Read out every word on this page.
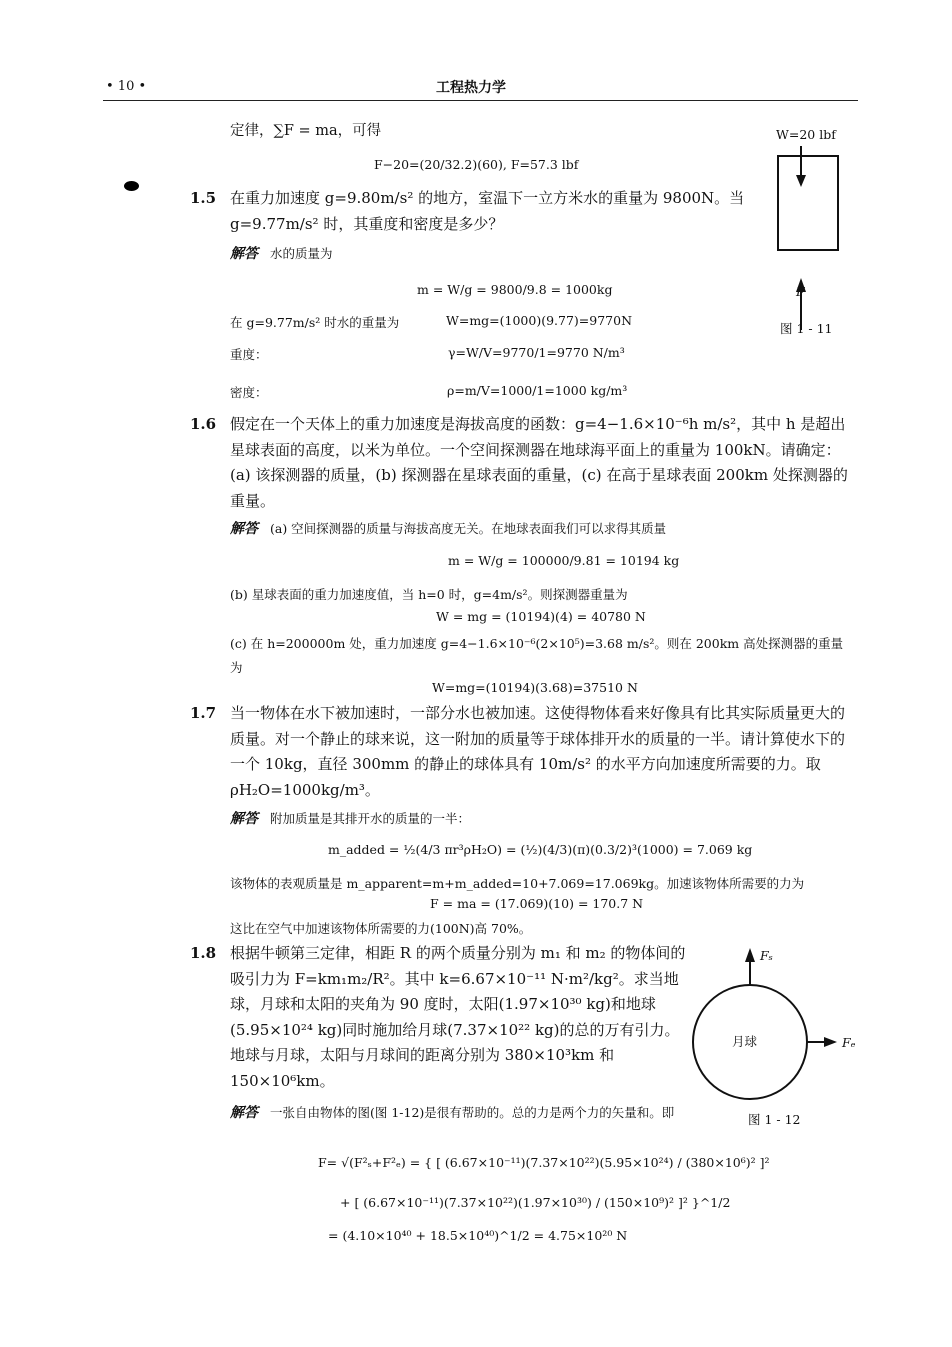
• 10 •	工程热力学
定律，∑F = ma，可得
F−20=(20/32.2)(60), F=57.3 lbf
W=20 lbf
F
图 1 - 11
1.5 在重力加速度 g=9.80m/s² 的地方，室温下一立方米水的重量为 9800N。当 g=9.77m/s² 时，其重度和密度是多少？
解答 水的质量为
m = W/g = 9800/9.8 = 1000kg
在 g=9.77m/s² 时水的重量为	W=mg=(1000)(9.77)=9770N
重度：	γ=W/V=9770/1=9770 N/m³
密度：	ρ=m/V=1000/1=1000 kg/m³
1.6 假定在一个天体上的重力加速度是海拔高度的函数：g=4−1.6×10⁻⁶h m/s²，其中 h 是超出星球表面的高度，以米为单位。一个空间探测器在地球海平面上的重量为 100kN。请确定：(a) 该探测器的质量，(b) 探测器在星球表面的重量，(c) 在高于星球表面 200km 处探测器的重量。
解答 (a) 空间探测器的质量与海拔高度无关。在地球表面我们可以求得其质量
m = W/g = 100000/9.81 = 10194 kg
(b) 星球表面的重力加速度值，当 h=0 时，g=4m/s²。则探测器重量为
W = mg = (10194)(4) = 40780 N
(c) 在 h=200000m 处，重力加速度 g=4−1.6×10⁻⁶(2×10⁵)=3.68 m/s²。则在 200km 高处探测器的重量为
W=mg=(10194)(3.68)=37510 N
1.7 当一物体在水下被加速时，一部分水也被加速。这使得物体看来好像具有比其实际质量更大的质量。对一个静止的球来说，这一附加的质量等于球体排开水的质量的一半。请计算使水下的一个 10kg，直径 300mm 的静止的球体具有 10m/s² 的水平方向加速度所需要的力。取 ρH₂O=1000kg/m³。
解答 附加质量是其排开水的质量的一半：
m_added = ½(4/3 πr³ρH₂O) = (½)(4/3)(π)(0.3/2)³(1000) = 7.069 kg
该物体的表观质量是 m_apparent=m+m_added=10+7.069=17.069kg。加速该物体所需要的力为
F = ma = (17.069)(10) = 170.7 N
这比在空气中加速该物体所需要的力(100N)高 70%。
1.8 根据牛顿第三定律，相距 R 的两个质量分别为 m₁ 和 m₂ 的物体间的吸引力为 F=km₁m₂/R²。其中 k=6.67×10⁻¹¹ N·m²/kg²。求当地球，月球和太阳的夹角为 90 度时，太阳(1.97×10³⁰ kg)和地球(5.95×10²⁴ kg)同时施加给月球(7.37×10²² kg)的总的万有引力。地球与月球，太阳与月球间的距离分别为 380×10³km 和 150×10⁶km。
解答 一张自由物体的图(图 1-12)是很有帮助的。总的力是两个力的矢量和。即
F= √(F²ₛ+F²ₑ) = { [ (6.67×10⁻¹¹)(7.37×10²²)(5.95×10²⁴) / (380×10⁶)² ]²
+ [ (6.67×10⁻¹¹)(7.37×10²²)(1.97×10³⁰) / (150×10⁹)² ]² }^1/2
= (4.10×10⁴⁰ + 18.5×10⁴⁰)^1/2 = 4.75×10²⁰ N
月球
Fₛ
Fₑ
图 1 - 12
